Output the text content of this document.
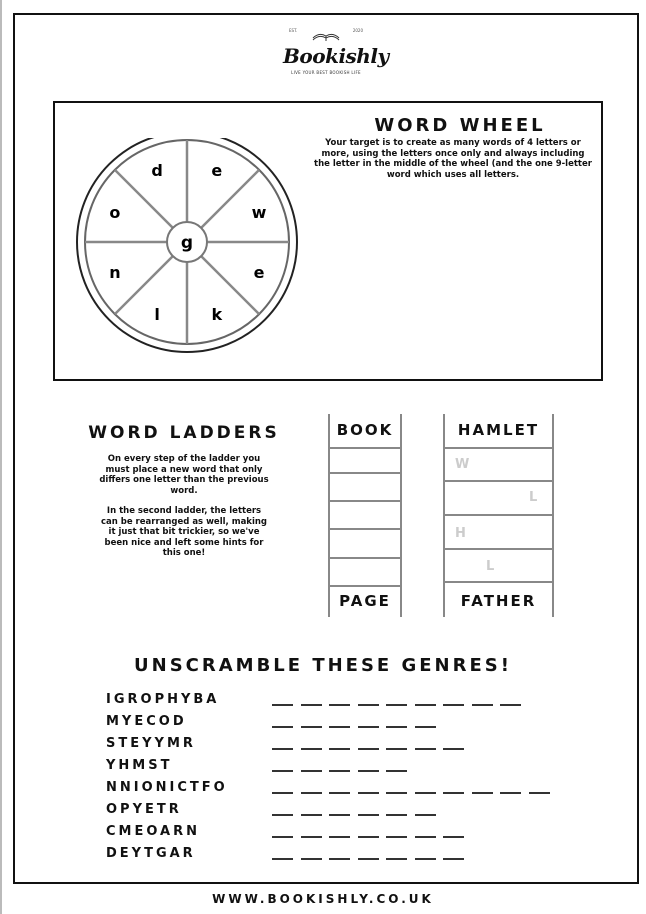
EST.	2020
Bookishly
LIVE YOUR BEST BOOKISH LIFE
g
d	e
w
e
k
l
n
o
WORD WHEEL
Your target is to create as many words of 4 letters or more, using the letters once only and always including the letter in the middle of the wheel (and the one 9-letter word which uses all letters.
WORD LADDERS
On every step of the ladder you must place a new word that only differs one letter than the previous word.
In the second ladder, the letters can be rearranged as well, making it just that bit trickier, so we've been nice and left some hints for this one!
BOOK
PAGE
HAMLET
FATHER
W
L
H
L
UNSCRAMBLE THESE GENRES!
IGROPHYBA
MYECOD
STEYYMR
YHMST
NNIONICTFO
OPYETR
CMEOARN
DEYTGAR
WWW.BOOKISHLY.CO.UK
